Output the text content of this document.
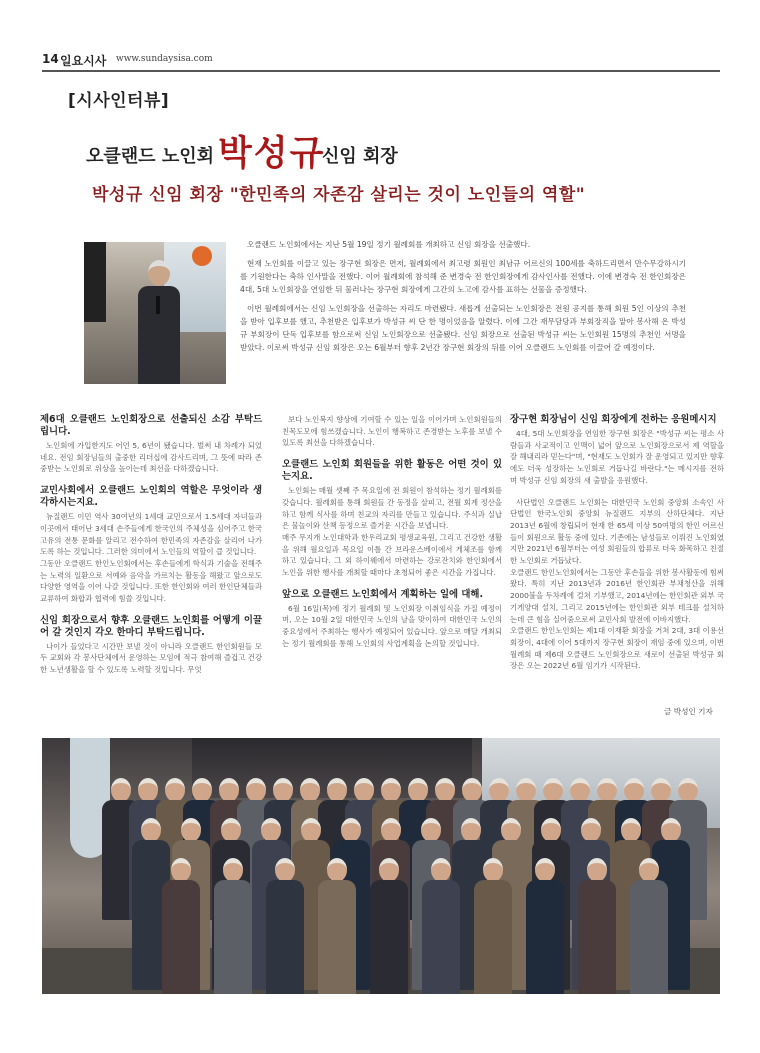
14 일요시사 www.sundaysisa.com
[시사인터뷰]
오클랜드 노인회 박성규
신임 회장
박성규 신임 회장 "한민족의 자존감 살리는 것이 노인들의 역할"

오클랜드 노인회에서는 지난 5월 19일 정기 월례회를 개최하고 신임 회장을 선출했다.

현재 노인회를 이끌고 있는 장구현 회장은 면저, 월례회에서 최고령 회원인 최남규 어르신의 100세를 축하드리면서 만수무강하시기를 기원한다는 축하 인사말을 전했다. 이어 월례회에 참석해 준 변경숙 전 한인회장에게 감사인사를 전했다. 이에 변경숙 전 한인회장은 4대, 5대 노인회장을 연임한 뒤 물러나는 장구현 회장에게 그간의 노고에 감사를 표하는 선물을 증정했다.

이번 월례회에서는 신임 노인회장을 선출하는 자리도 마련됐다. 새롭게 선출되는 노인회장은 전원 공지를 통해 회원 5인 이상의 추천을 받아 입후보를 했고, 추천받은 입후보가 박성규 씨 단 한 명이었음을 알렸다. 이에 그간 재무담당과 부회장직을 맡아 봉사해 온 박성규 부회장이 단독 입후보를 함으로써 신임 노인회장으로 선출됐다. 신임 회장으로 선출된 박성규 씨는 노인회원 15명의 추천인 서명을 받았다. 이로써 박성규 신임 회장은 오는 6월부터 향후 2년간 장구현 회장의 뒤를 이어 오클랜드 노인회를 이끌어 갈 예정이다.

제6대 오클랜드 노인회장으로 선출되신 소감 부탁드립니다.

노인회에 가입한지도 어언 5, 6년이 됐습니다. 벌써 내 차례가 되었네요. 전임 회장님들의 출중한 리더십에 감사드리며, 그 뜻에 따라 존중받는 노인회로 위상을 높이는데 최선을 다하겠습니다.

교민사회에서 오클랜드 노인회의 역할은 무엇이라 생각하시는지요.

뉴질랜드 이민 역사 30여년의 1세대 교민으로서 1.5세대 자녀들과 이곳에서 태어난 3세대 손주들에게 한국인의 주체성을 심어주고 한국 고유의 전통 문화를 알리고 전수하여 한민족의 자존감을 살리어 나가도록 하는 것입니다. 그러한 의미에서 노인들의 역할이 큽 것입니다.
그동안 오클랜드 한인노인회에서는 후손들에게 학식과 기술을 전해주는 노력의 일환으로 서예와 음악을 가르치는 활동을 해왔고 앞으로도 다양한 영역을 이어 나갈 것입니다. 또한 한인회와 여러 한인단체들과 교류하여 화합과 협력에 힘쓸 것입니다.

신임 회장으로서 향후 오클랜드 노인회를 어떻게 이끌어 갈 것인지 각오 한마디 부탁드립니다.

나이가 들었다고 시간만 보낼 것이 아니라 오클랜드 한인회원들 모두 교회와 각 봉사단체에서 운영하는 모임에 적극 참여해 즐겁고 건강한 노년생활을 할 수 있도록 노력할 것입니다. 무엇

보다 노인복지 향상에 기여할 수 있는 일을 이어가며 노인회원들의 친목도모에 힘쓰겠습니다. 노인이 행복하고 존경받는 노후를 보낼 수 있도록 최선을 다하겠습니다.

오클랜드 노인회 회원들을 위한 활동은 어떤 것이 있는지요.

노인회는 매월 셋째 주 목요일에 전 회원이 참석하는 정기 월례회를 갖습니다. 월례회를 통해 회원들 간 동정을 살피고, 전월 회계 정산을 하고 함께 식사를 하며 친교의 자리를 만들고 있습니다. 주식과 실납은 물놀이와 산책 등정으로 즐거운 시간을 보냅니다.
매주 무지개 노인대학과 한우리교회 평생교육원, 그리고 건강한 생활을 위해 월요일과 목요일 이틀 간 브라운스베이에서 게체조를 함께 하고 있습니다. 그 외 하이웨에서 마련하는 강로잔치와 한인회에서 노인을 위한 행사를 개최할 때마다 초청되어 좋은 시간을 가집니다.

앞으로 오클랜드 노인회에서 계획하는 일에 대해.

6월 16일(목)에 정기 월례회 및 노인회장 이취임식을 가질 예정이며, 오는 10월 2일 대한민국 노인의 날을 맞이하여 대한민국 노인의 중요성에서 주최하는 행사가 예정되어 있습니다. 앞으로 매달 개최되는 정기 월례회를 통해 노인회의 사업계획을 논의할 것입니다.

장구현 회장님이 신임 회장에게 전하는 응원메시지

4대, 5대 노인회장을 연임한 장구현 회장은 "박성규 씨는 평소 사람들과 사교적이고 인맥이 넓어 앞으로 노인회장으로서 제 역할을 잘 해내리라 믿는다"며, "현재도 노인회가 잘 운영되고 있지만 향후에도 더욱 성장하는 노인회로 거듭나길 바란다."는 메시지를 전하며 박성규 신임 회장의 새 출발을 응원했다.

사단법인 오클랜드 노인회는 대한민국 노인회 중앙회 소속인 사단법인 한국노인회 중앙회 뉴질랜드 지부의 산하단체다. 지난 2013년 6월에 창립되어 현재 한 65세 이상 50여명의 한인 어르신들이 회원으로 활동 중에 있다. 기존에는 남성들로 이뤄진 노인회였지만 2021년 6월부터는 여성 회원들의 합류로 더욱 화목하고 친절한 노인회로 거듭났다.
오클랜드 한인노인회에서는 그동안 후손들을 위한 봉사활동에 힘써왔다. 특히 지난 2013년과 2016년 한인회관 부채청산을 위해 2000불을 두차례에 걸쳐 기부했고, 2014년에는 한인회관 외부 국기게양대 설치, 그리고 2015년에는 한인회관 외부 테크를 설치하는데 큰 힘을 실어줌으로써 교민사회 발전에 이바지했다.
오클랜드 한인노인회는 제1대 이재환 회장을 거쳐 2대, 3대 이용선 회장이, 4대에 이어 5대까지 장구현 회장이 재임 중에 있으며, 이번 월례회 때 제6대 오클랜드 노인회장으로 새로이 선출된 박성규 회장은 오는 2022년 6월 임기가 시작된다.

글 박성인 기자
